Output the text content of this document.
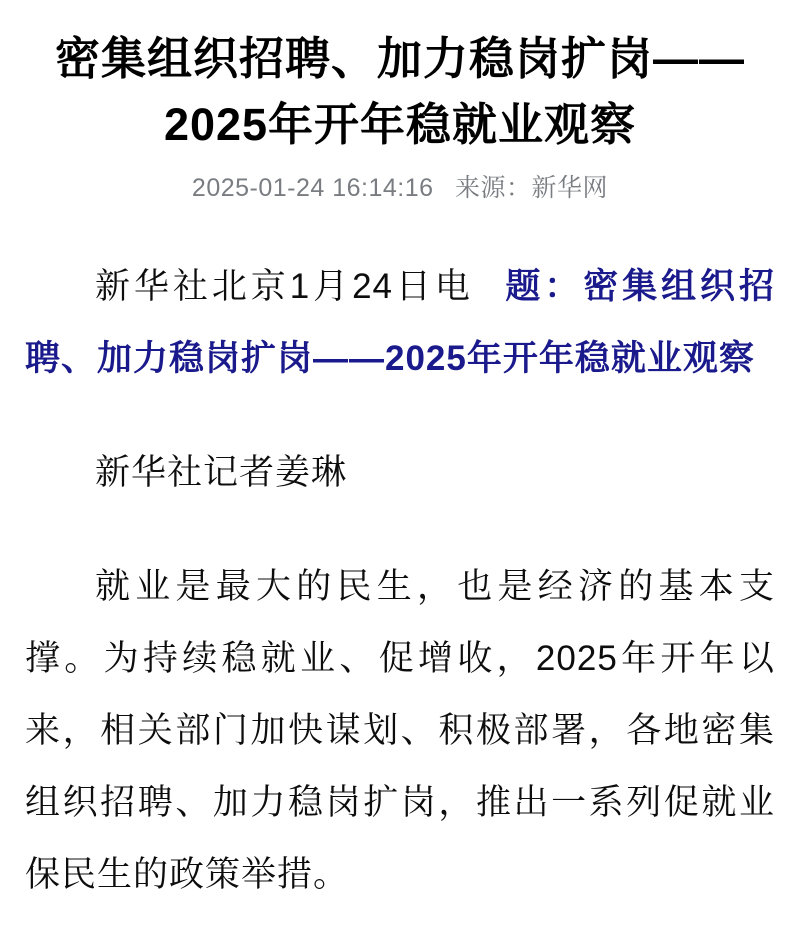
密集组织招聘、加力稳岗扩岗——
2025年开年稳就业观察
2025-01-24 16:14:16 来源：新华网

新华社北京1月24日电 题：密集组织招聘、加力稳岗扩岗——2025年开年稳就业观察

新华社记者姜琳

就业是最大的民生，也是经济的基本支撑。为持续稳就业、促增收，2025年开年以来，相关部门加快谋划、积极部署，各地密集组织招聘、加力稳岗扩岗，推出一系列促就业保民生的政策举措。
